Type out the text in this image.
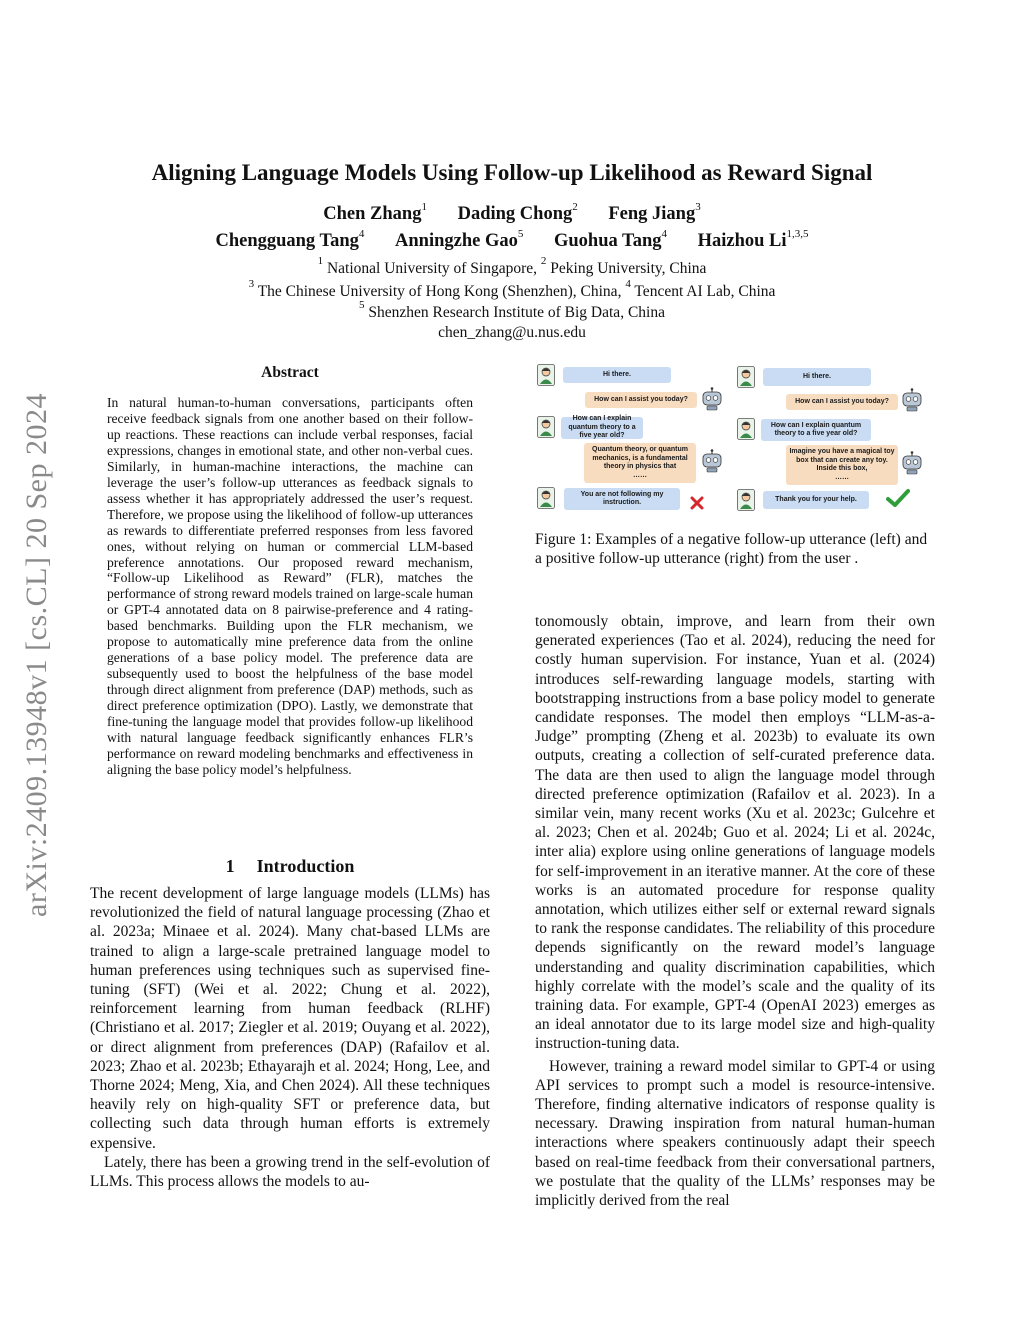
arXiv:2409.13948v1 [cs.CL] 20 Sep 2024
Aligning Language Models Using Follow-up Likelihood as Reward Signal
Chen Zhang$^1$ Dading Chong$^2$ Feng Jiang$^3$
Chengguang Tang$^4$ Anningzhe Gao$^5$ Guohua Tang$^4$ Haizhou Li$^{1,3,5}$
$^1$ National University of Singapore, $^2$ Peking University, China
$^3$ The Chinese University of Hong Kong (Shenzhen), China, $^4$ Tencent AI Lab, China
$^5$ Shenzhen Research Institute of Big Data, China
chen_zhang@u.nus.edu
Abstract
In natural human-to-human conversations, participants often receive feedback signals from one another based on their follow-up reactions. These reactions can include verbal responses, facial expressions, changes in emotional state, and other non-verbal cues. Similarly, in human-machine interactions, the machine can leverage the user’s follow-up utterances as feedback signals to assess whether it has appropriately addressed the user’s request. Therefore, we propose using the likelihood of follow-up utterances as rewards to differentiate preferred responses from less favored ones, without relying on human or commercial LLM-based preference annotations. Our proposed reward mechanism, “Follow-up Likelihood as Reward” (FLR), matches the performance of strong reward models trained on large-scale human or GPT-4 annotated data on 8 pairwise-preference and 4 rating-based benchmarks. Building upon the FLR mechanism, we propose to automatically mine preference data from the online generations of a base policy model. The preference data are subsequently used to boost the helpfulness of the base model through direct alignment from preference (DAP) methods, such as direct preference optimization (DPO). Lastly, we demonstrate that fine-tuning the language model that provides follow-up likelihood with natural language feedback significantly enhances FLR’s performance on reward modeling benchmarks and effectiveness in aligning the base policy model’s helpfulness.
1 Introduction

The recent development of large language models (LLMs) has revolutionized the field of natural language processing (Zhao et al. 2023a; Minaee et al. 2024). Many chat-based LLMs are trained to align a large-scale pretrained language model to human preferences using techniques such as supervised fine-tuning (SFT) (Wei et al. 2022; Chung et al. 2022), reinforcement learning from human feedback (RLHF) (Christiano et al. 2017; Ziegler et al. 2019; Ouyang et al. 2022), or direct alignment from preferences (DAP) (Rafailov et al. 2023; Zhao et al. 2023b; Ethayarajh et al. 2024; Hong, Lee, and Thorne 2024; Meng, Xia, and Chen 2024). All these techniques heavily rely on high-quality SFT or preference data, but collecting such data through human efforts is extremely expensive.

Lately, there has been a growing trend in the self-evolution of LLMs. This process allows the models to au-

Hi there.
How can I assist you today?
How can I explain quantum theory to a five year old?
Quantum theory, or quantum mechanics, is a fundamental theory in physics that
……
You are not following my instruction.
Hi there.
How can I assist you today?
How can I explain quantum theory to a five year old?
Imagine you have a magical toy box that can create any toy. Inside this box,
……
Thank you for your help.
Figure 1: Examples of a negative follow-up utterance (left) and a positive follow-up utterance (right) from the user .

tonomously obtain, improve, and learn from their own generated experiences (Tao et al. 2024), reducing the need for costly human supervision. For instance, Yuan et al. (2024) introduces self-rewarding language models, starting with bootstrapping instructions from a base policy model to generate candidate responses. The model then employs “LLM-as-a-Judge” prompting (Zheng et al. 2023b) to evaluate its own outputs, creating a collection of self-curated preference data. The data are then used to align the language model through directed preference optimization (Rafailov et al. 2023). In a similar vein, many recent works (Xu et al. 2023c; Gulcehre et al. 2023; Chen et al. 2024b; Guo et al. 2024; Li et al. 2024c, inter alia) explore using online generations of language models for self-improvement in an iterative manner. At the core of these works is an automated procedure for response quality annotation, which utilizes either self or external reward signals to rank the response candidates. The reliability of this procedure depends significantly on the reward model’s language understanding and quality discrimination capabilities, which highly correlate with the model’s scale and the quality of its training data. For example, GPT-4 (OpenAI 2023) emerges as an ideal annotator due to its large model size and high-quality instruction-tuning data.

However, training a reward model similar to GPT-4 or using API services to prompt such a model is resource-intensive. Therefore, finding alternative indicators of response quality is necessary. Drawing inspiration from natural human-human interactions where speakers continuously adapt their speech based on real-time feedback from their conversational partners, we postulate that the quality of the LLMs’ responses may be implicitly derived from the real
